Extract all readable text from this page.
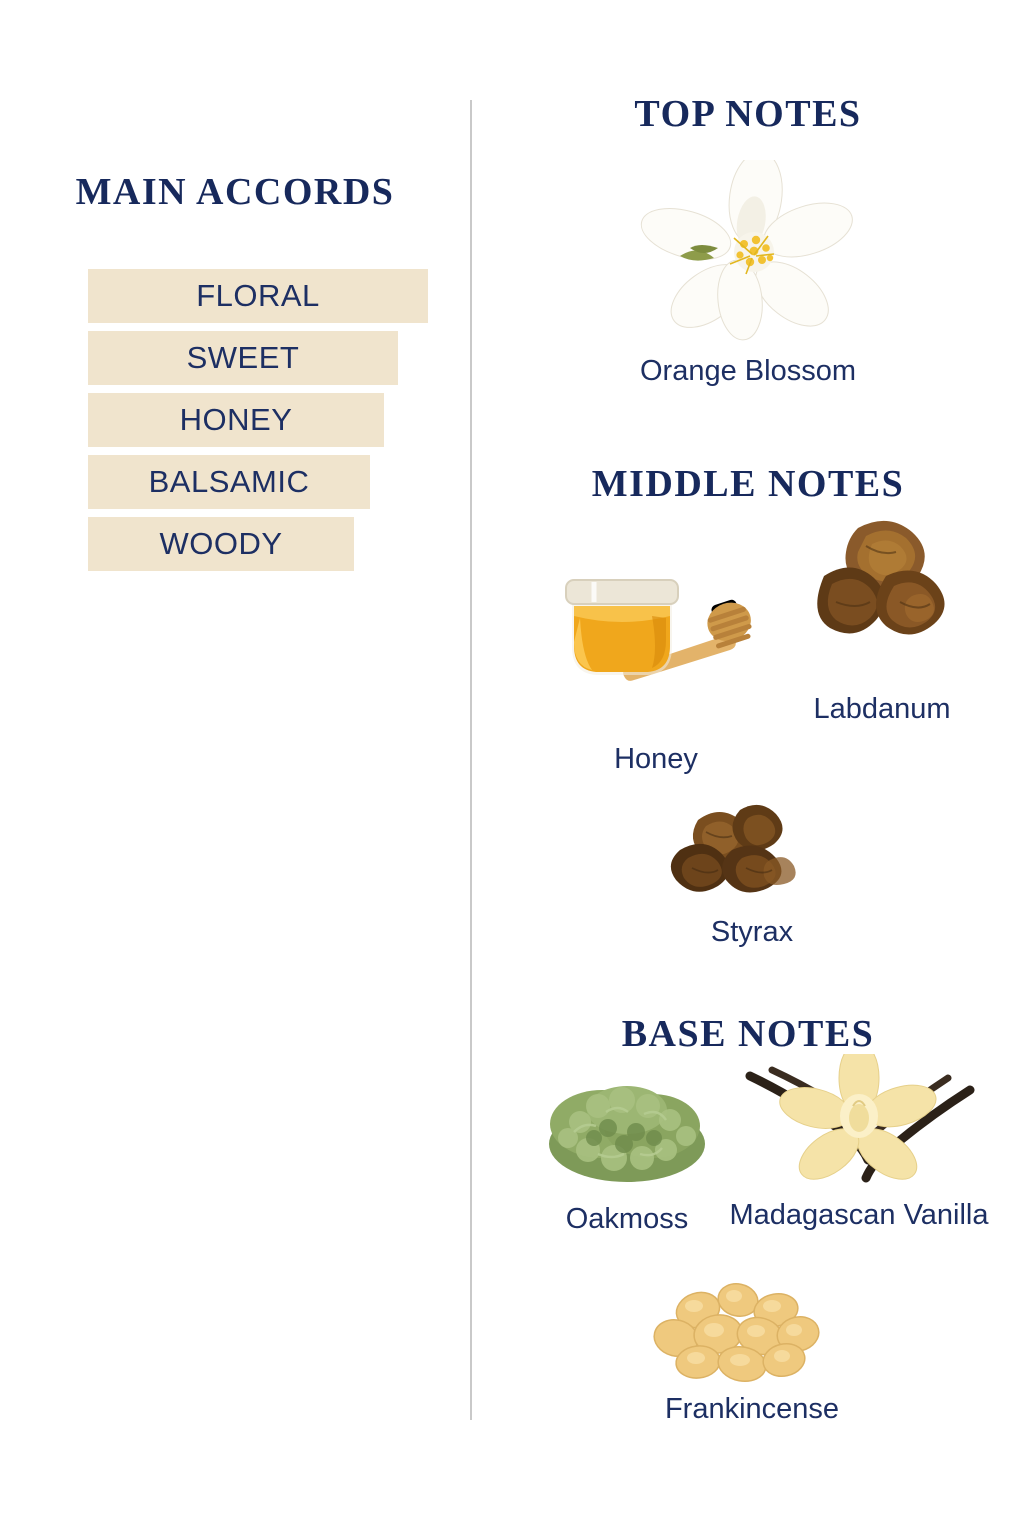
MAIN ACCORDS
FLORAL
SWEET
HONEY
BALSAMIC
WOODY
TOP NOTES
Orange Blossom
MIDDLE NOTES
Honey
Labdanum
Styrax
BASE NOTES
Oakmoss	Madagascan Vanilla
Frankincense
